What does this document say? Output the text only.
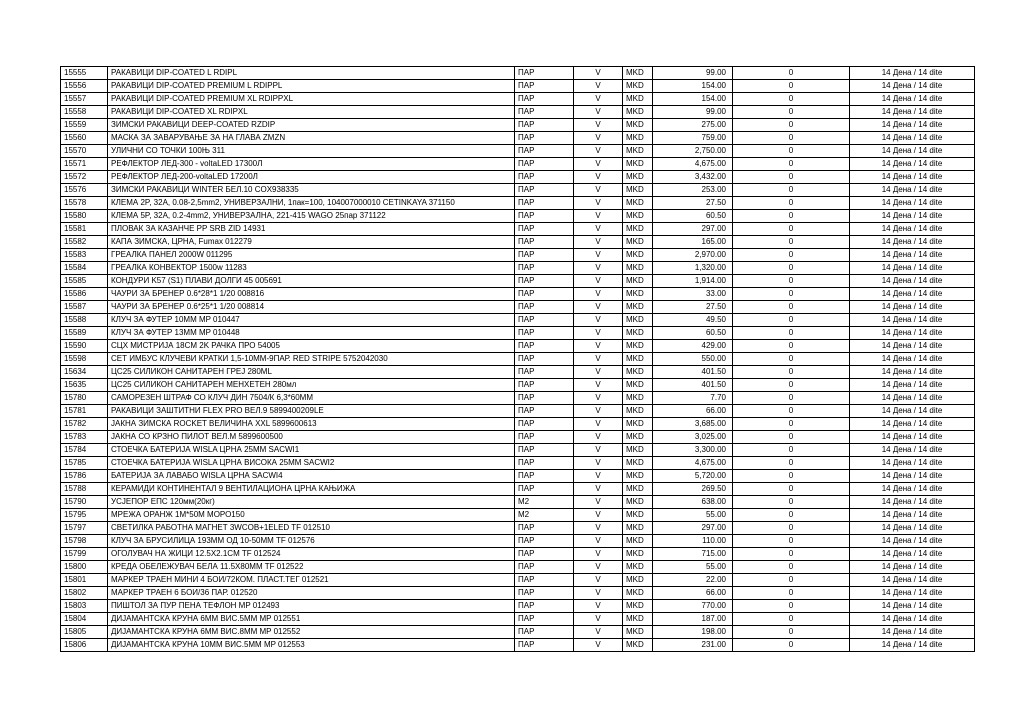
15555	РАКАВИЦИ DIP-COATED L RDIPL	ПАР	V	MKD	99.00	0	14 Дена / 14 dite
15556	РАКАВИЦИ DIP-COATED PREMIUM L RDIPPL	ПАР	V	MKD	154.00	0	14 Дена / 14 dite
15557	РАКАВИЦИ DIP-COATED PREMIUM XL RDIPPXL	ПАР	V	MKD	154.00	0	14 Дена / 14 dite
15558	РАКАВИЦИ DIP-COATED XL RDIPXL	ПАР	V	MKD	99.00	0	14 Дена / 14 dite
15559	ЗИМСКИ РАКАВИЦИ DEEP-COATED RZDIP	ПАР	V	MKD	275.00	0	14 Дена / 14 dite
15560	МАСКА ЗА ЗАВАРУВАЊЕ ЗА НА ГЛАВА ZMZN	ПАР	V	MKD	759.00	0	14 Дена / 14 dite
15570	УЛИЧНИ СО ТОЧКИ 100Њ 311	ПАР	V	MKD	2,750.00	0	14 Дена / 14 dite
15571	РЕФЛЕКТОР ЛЕД-300 - voltaLED 17300Л	ПАР	V	MKD	4,675.00	0	14 Дена / 14 dite
15572	РЕФЛЕКТОР ЛЕД-200-voltaLED 17200Л	ПАР	V	MKD	3,432.00	0	14 Дена / 14 dite
15576	ЗИМСКИ РАКАВИЦИ WINTER БЕЛ.10 COX938335	ПАР	V	MKD	253.00	0	14 Дена / 14 dite
15578	КЛЕМА 2P, 32A, 0.08-2,5mm2, УНИВЕРЗАЛНИ, 1пак=100, 104007000010 CETINKAYA 371150	ПАР	V	MKD	27.50	0	14 Дена / 14 dite
15580	КЛЕМА 5P, 32A, 0.2-4mm2, УНИВЕРЗАЛНА, 221-415 WAGO 25пар 371122	ПАР	V	MKD	60.50	0	14 Дена / 14 dite
15581	ПЛОВАК ЗА КАЗАНЧЕ PP SRB ZID 14931	ПАР	V	MKD	297.00	0	14 Дена / 14 dite
15582	КАПА ЗИМСКА, ЦРНА, Fumax 012279	ПАР	V	MKD	165.00	0	14 Дена / 14 dite
15583	ГРЕАЛКА ПАНЕЛ 2000W 011295	ПАР	V	MKD	2,970.00	0	14 Дена / 14 dite
15584	ГРЕАЛКА КОНВЕКТОР 1500w 11283	ПАР	V	MKD	1,320.00	0	14 Дена / 14 dite
15585	КОНДУРИ K57 (S1) ПЛАВИ ДОЛГИ 45 005691	ПАР	V	MKD	1,914.00	0	14 Дена / 14 dite
15586	ЧАУРИ ЗА БРЕНЕР 0.6*28*1 1/20 008816	ПАР	V	MKD	33.00	0	14 Дена / 14 dite
15587	ЧАУРИ ЗА БРЕНЕР 0.6*25*1 1/20 008814	ПАР	V	MKD	27.50	0	14 Дена / 14 dite
15588	КЛУЧ ЗА ФУТЕР 10MM MP 010447	ПАР	V	MKD	49.50	0	14 Дена / 14 dite
15589	КЛУЧ ЗА ФУТЕР 13MM MP 010448	ПАР	V	MKD	60.50	0	14 Дена / 14 dite
15590	СЦХ МИСТРИЈА 18CM 2K РАЧКА ПРО 54005	ПАР	V	MKD	429.00	0	14 Дена / 14 dite
15598	СЕТ ИМБУС КЛУЧЕВИ КРАТКИ 1,5-10ММ-9ПАР. RED STRIPE 5752042030	ПАР	V	MKD	550.00	0	14 Дена / 14 dite
15634	ЦС25 СИЛИКОН САНИТАРЕН ГРЕЈ 280ML	ПАР	V	MKD	401.50	0	14 Дена / 14 dite
15635	ЦС25 СИЛИКОН САНИТАРЕН МЕНХЕТЕН 280мл	ПАР	V	MKD	401.50	0	14 Дена / 14 dite
15780	САМОРЕЗЕН ШТРАФ СО КЛУЧ ДИН 7504/К 6,3*60ММ	ПАР	V	MKD	7.70	0	14 Дена / 14 dite
15781	РАКАВИЦИ ЗАШТИТНИ FLEX PRO ВЕЛ.9 5899400209LE	ПАР	V	MKD	66.00	0	14 Дена / 14 dite
15782	ЈАКНА ЗИМСКА ROCKET ВЕЛИЧИНА XXL 5899600613	ПАР	V	MKD	3,685.00	0	14 Дена / 14 dite
15783	ЈАКНА СО КРЗНО ПИЛОТ ВЕЛ.M 5899600500	ПАР	V	MKD	3,025.00	0	14 Дена / 14 dite
15784	СТОЕЧКА БАТЕРИЈА WISLA ЦРНА 25MM SACWI1	ПАР	V	MKD	3,300.00	0	14 Дена / 14 dite
15785	СТОЕЧКА БАТЕРИЈА WISLA ЦРНА ВИСОКА 25MM SACWI2	ПАР	V	MKD	4,675.00	0	14 Дена / 14 dite
15786	БАТЕРИЈА ЗА ЛАВАБО WISLA ЦРНА SACWI4	ПАР	V	MKD	5,720.00	0	14 Дена / 14 dite
15788	КЕРАМИДИ КОНТИНЕНТАЛ 9 ВЕНТИЛАЦИОНА ЦРНА КАЊИЖА	ПАР	V	MKD	269.50	0	14 Дена / 14 dite
15790	УСЈЕПОР ЕПС 120мм(20кг)	M2	V	MKD	638.00	0	14 Дена / 14 dite
15795	МРЕЖА ОРАНЖ 1M*50M МОРО150	M2	V	MKD	55.00	0	14 Дена / 14 dite
15797	СВЕТИЛКА РАБОТНА МАГНЕТ 3WCOB+1ELED TF 012510	ПАР	V	MKD	297.00	0	14 Дена / 14 dite
15798	КЛУЧ ЗА БРУСИЛИЦА 193ММ ОД 10-50ММ TF 012576	ПАР	V	MKD	110.00	0	14 Дена / 14 dite
15799	ОГОЛУВАЧ НА ЖИЦИ 12.5X2.1CM TF 012524	ПАР	V	MKD	715.00	0	14 Дена / 14 dite
15800	КРЕДА ОБЕЛЕЖУВАЧ БЕЛА 11.5X80MM TF 012522	ПАР	V	MKD	55.00	0	14 Дена / 14 dite
15801	МАРКЕР ТРАЕН МИНИ 4 БОИ/72КОМ. ПЛАСТ.ТЕГ 012521	ПАР	V	MKD	22.00	0	14 Дена / 14 dite
15802	МАРКЕР ТРАЕН 6 БОИ/36 ПАР. 012520	ПАР	V	MKD	66.00	0	14 Дена / 14 dite
15803	ПИШТОЛ ЗА ПУР ПЕНА ТЕФЛОН MP 012493	ПАР	V	MKD	770.00	0	14 Дена / 14 dite
15804	ДИЈАМАНТСКА КРУНА 6ММ ВИС.5ММ MP 012551	ПАР	V	MKD	187.00	0	14 Дена / 14 dite
15805	ДИЈАМАНТСКА КРУНА 6ММ ВИС.8ММ MP 012552	ПАР	V	MKD	198.00	0	14 Дена / 14 dite
15806	ДИЈАМАНТСКА КРУНА 10ММ ВИС.5ММ MP 012553	ПАР	V	MKD	231.00	0	14 Дена / 14 dite
